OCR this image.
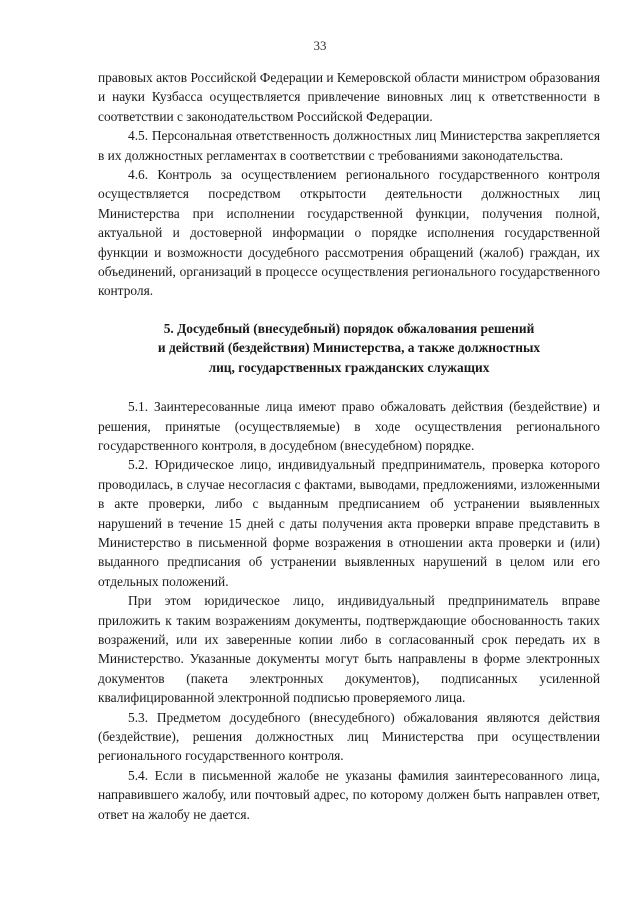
33

правовых актов Российской Федерации и Кемеровской области министром образования и науки Кузбасса осуществляется привлечение виновных лиц к ответственности в соответствии с законодательством Российской Федерации.

4.5. Персональная ответственность должностных лиц Министерства закрепляется в их должностных регламентах в соответствии с требованиями законодательства.

4.6. Контроль за осуществлением регионального государственного контроля осуществляется посредством открытости деятельности должностных лиц Министерства при исполнении государственной функции, получения полной, актуальной и достоверной информации о порядке исполнения государственной функции и возможности досудебного рассмотрения обращений (жалоб) граждан, их объединений, организаций в процессе осуществления регионального государственного контроля.

5. Досудебный (внесудебный) порядок обжалования решений
и действий (бездействия) Министерства, а также должностных
лиц, государственных гражданских служащих

5.1. Заинтересованные лица имеют право обжаловать действия (бездействие) и решения, принятые (осуществляемые) в ходе осуществления регионального государственного контроля, в досудебном (внесудебном) порядке.

5.2. Юридическое лицо, индивидуальный предприниматель, проверка которого проводилась, в случае несогласия с фактами, выводами, предложениями, изложенными в акте проверки, либо с выданным предписанием об устранении выявленных нарушений в течение 15 дней с даты получения акта проверки вправе представить в Министерство в письменной форме возражения в отношении акта проверки и (или) выданного предписания об устранении выявленных нарушений в целом или его отдельных положений.

При этом юридическое лицо, индивидуальный предприниматель вправе приложить к таким возражениям документы, подтверждающие обоснованность таких возражений, или их заверенные копии либо в согласованный срок передать их в Министерство. Указанные документы могут быть направлены в форме электронных документов (пакета электронных документов), подписанных усиленной квалифицированной электронной подписью проверяемого лица.

5.3. Предметом досудебного (внесудебного) обжалования являются действия (бездействие), решения должностных лиц Министерства при осуществлении регионального государственного контроля.

5.4. Если в письменной жалобе не указаны фамилия заинтересованного лица, направившего жалобу, или почтовый адрес, по которому должен быть направлен ответ, ответ на жалобу не дается.
